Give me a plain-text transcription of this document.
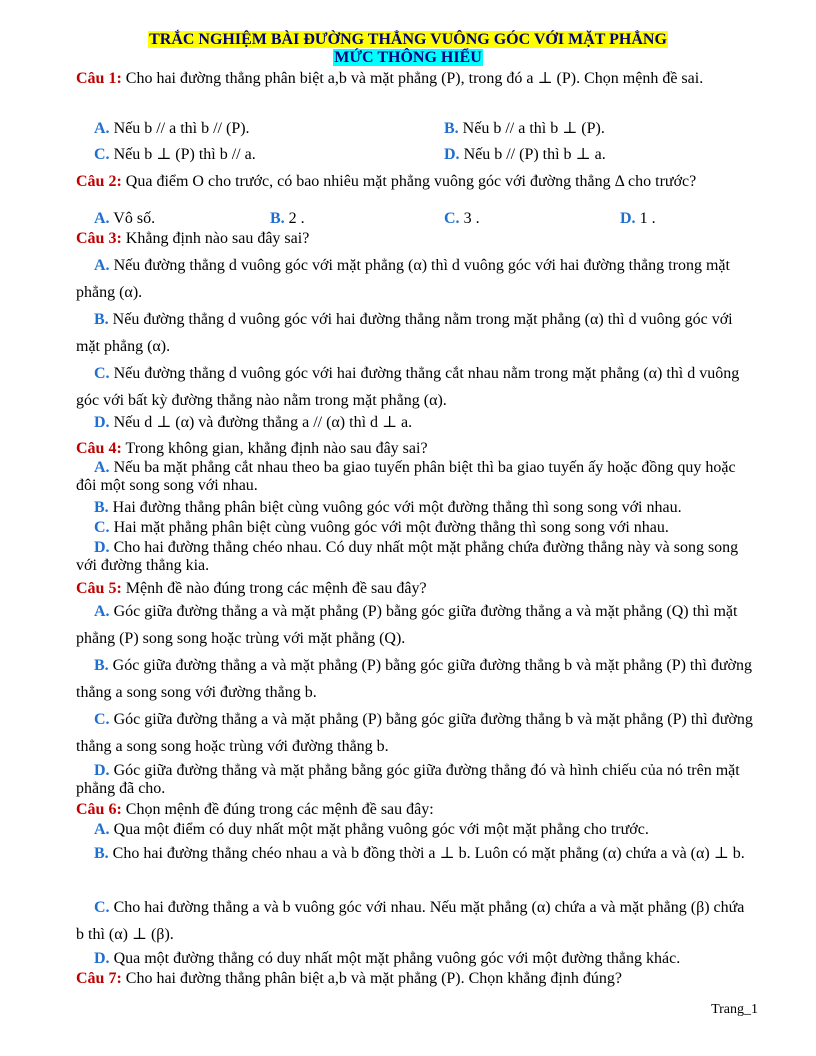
TRẮC NGHIỆM BÀI ĐƯỜNG THẲNG VUÔNG GÓC VỚI MẶT PHẲNG
MỨC THÔNG HIỂU
Câu 1: Cho hai đường thẳng phân biệt a,b và mặt phẳng (P), trong đó a ⊥ (P). Chọn mệnh đề sai.
A. Nếu b // a thì b // (P).	B. Nếu b // a thì b ⊥ (P).
C. Nếu b ⊥ (P) thì b // a.	D. Nếu b // (P) thì b ⊥ a.
Câu 2: Qua điểm O cho trước, có bao nhiêu mặt phẳng vuông góc với đường thẳng Δ cho trước?
A. Vô số.	B. 2 .	C. 3 .	D. 1 .
Câu 3: Khẳng định nào sau đây sai?
A. Nếu đường thẳng d vuông góc với mặt phẳng (α) thì d vuông góc với hai đường thẳng trong mặt phẳng (α).
B. Nếu đường thẳng d vuông góc với hai đường thẳng nằm trong mặt phẳng (α) thì d vuông góc với mặt phẳng (α).
C. Nếu đường thẳng d vuông góc với hai đường thẳng cắt nhau nằm trong mặt phẳng (α) thì d vuông góc với bất kỳ đường thẳng nào nằm trong mặt phẳng (α).
D. Nếu d ⊥ (α) và đường thẳng a // (α) thì d ⊥ a.
Câu 4: Trong không gian, khẳng định nào sau đây sai?
A. Nếu ba mặt phẳng cắt nhau theo ba giao tuyến phân biệt thì ba giao tuyến ấy hoặc đồng quy hoặc đôi một song song với nhau.
B. Hai đường thẳng phân biệt cùng vuông góc với một đường thẳng thì song song với nhau.
C. Hai mặt phẳng phân biệt cùng vuông góc với một đường thẳng thì song song với nhau.
D. Cho hai đường thẳng chéo nhau. Có duy nhất một mặt phẳng chứa đường thẳng này và song song với đường thẳng kia.
Câu 5: Mệnh đề nào đúng trong các mệnh đề sau đây?
A. Góc giữa đường thẳng a và mặt phẳng (P) bằng góc giữa đường thẳng a và mặt phẳng (Q) thì mặt phẳng (P) song song hoặc trùng với mặt phẳng (Q).
B. Góc giữa đường thẳng a và mặt phẳng (P) bằng góc giữa đường thẳng b và mặt phẳng (P) thì đường thẳng a song song với đường thẳng b.
C. Góc giữa đường thẳng a và mặt phẳng (P) bằng góc giữa đường thẳng b và mặt phẳng (P) thì đường thẳng a song song hoặc trùng với đường thẳng b.
D. Góc giữa đường thẳng và mặt phẳng bằng góc giữa đường thẳng đó và hình chiếu của nó trên mặt phẳng đã cho.
Câu 6: Chọn mệnh đề đúng trong các mệnh đề sau đây:
A. Qua một điểm có duy nhất một mặt phẳng vuông góc với một mặt phẳng cho trước.
B. Cho hai đường thẳng chéo nhau a và b đồng thời a ⊥ b. Luôn có mặt phẳng (α) chứa a và (α) ⊥ b.
C. Cho hai đường thẳng a và b vuông góc với nhau. Nếu mặt phẳng (α) chứa a và mặt phẳng (β) chứa b thì (α) ⊥ (β).
D. Qua một đường thẳng có duy nhất một mặt phẳng vuông góc với một đường thẳng khác.
Câu 7: Cho hai đường thẳng phân biệt a,b và mặt phẳng (P). Chọn khẳng định đúng?
Trang_1
